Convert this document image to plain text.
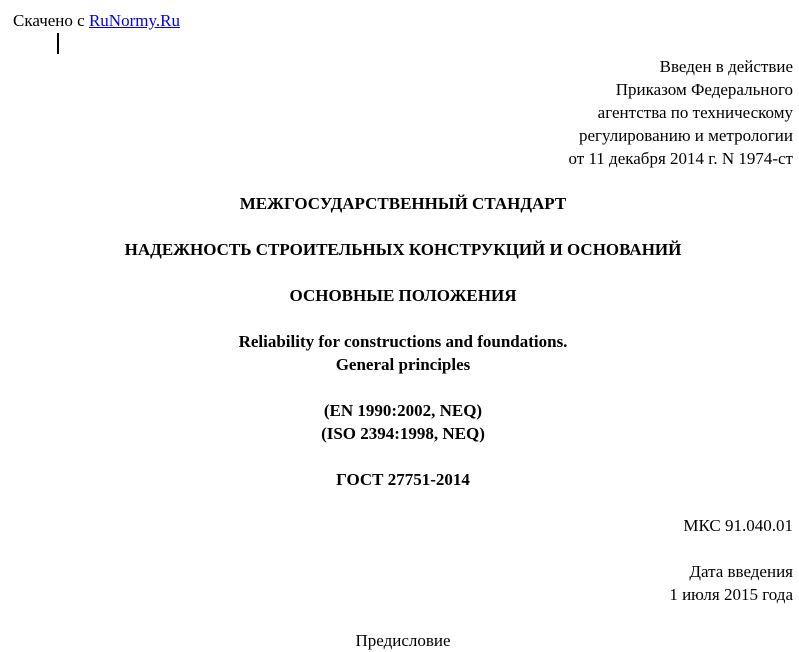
Скачено с RuNormy.Ru
Введен в действие
Приказом Федерального
агентства по техническому
регулированию и метрологии
от 11 декабря 2014 г. N 1974-ст
МЕЖГОСУДАРСТВЕННЫЙ СТАНДАРТ
НАДЕЖНОСТЬ СТРОИТЕЛЬНЫХ КОНСТРУКЦИЙ И ОСНОВАНИЙ
ОСНОВНЫЕ ПОЛОЖЕНИЯ
Reliability for constructions and foundations.
General principles
(EN 1990:2002, NEQ)
(ISO 2394:1998, NEQ)
ГОСТ 27751-2014
МКС 91.040.01
Дата введения
1 июля 2015 года
Предисловие
